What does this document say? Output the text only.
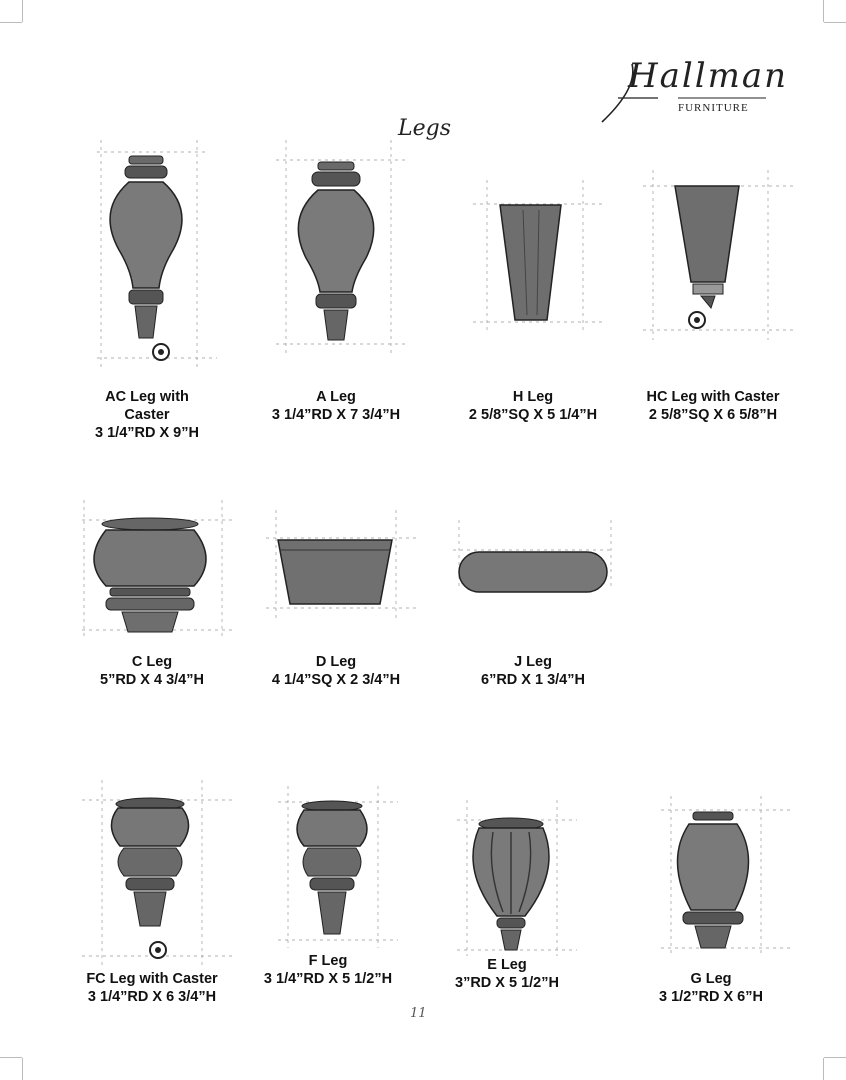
Hallman
FURNITURE
Legs
AC Leg with
Caster
3 1/4”RD X 9”H
A Leg
3 1/4”RD X 7 3/4”H
H Leg
2 5/8”SQ X 5 1/4”H
HC Leg with Caster
2 5/8”SQ X 6 5/8”H
C Leg
5”RD X 4 3/4”H
D Leg
4 1/4”SQ X 2 3/4”H
J Leg
6”RD X 1 3/4”H
FC Leg with Caster
3 1/4”RD X 6 3/4”H
F Leg
3 1/4”RD X 5 1/2”H
E Leg
3”RD X 5 1/2”H	G Leg
3 1/2”RD X 6”H
11
